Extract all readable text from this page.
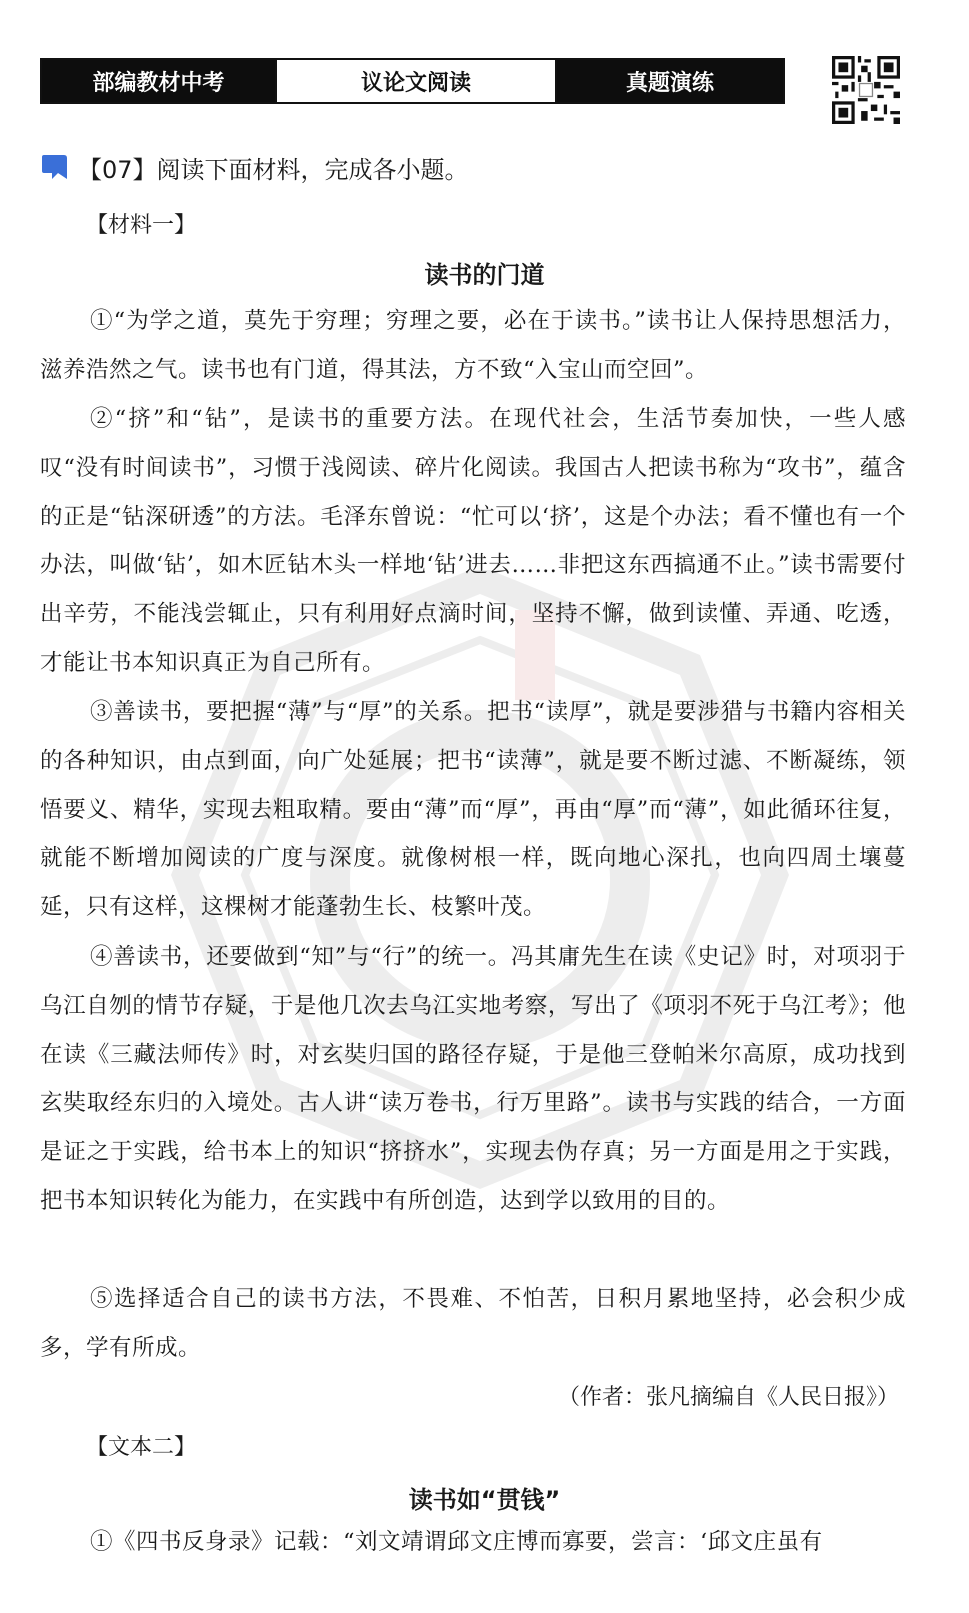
部编教材中考	议论文阅读	真题演练
【07】阅读下面材料，完成各小题。
【材料一】
读书的门道

①“为学之道，莫先于穷理；穷理之要，必在于读书。”读书让人保持思想活力，滋养浩然之气。读书也有门道，得其法，方不致“入宝山而空回”。

②“挤”和“钻”，是读书的重要方法。在现代社会，生活节奏加快，一些人感叹“没有时间读书”，习惯于浅阅读、碎片化阅读。我国古人把读书称为“攻书”，蕴含的正是“钻深研透”的方法。毛泽东曾说：“忙可以‘挤’，这是个办法；看不懂也有一个办法，叫做‘钻’，如木匠钻木头一样地‘钻’进去……非把这东西搞通不止。”读书需要付出辛劳，不能浅尝辄止，只有利用好点滴时间，坚持不懈，做到读懂、弄通、吃透，才能让书本知识真正为自己所有。

③善读书，要把握“薄”与“厚”的关系。把书“读厚”，就是要涉猎与书籍内容相关的各种知识，由点到面，向广处延展；把书“读薄”，就是要不断过滤、不断凝练，领悟要义、精华，实现去粗取精。要由“薄”而“厚”，再由“厚”而“薄”，如此循环往复，就能不断增加阅读的广度与深度。就像树根一样，既向地心深扎，也向四周土壤蔓延，只有这样，这棵树才能蓬勃生长、枝繁叶茂。

④善读书，还要做到“知”与“行”的统一。冯其庸先生在读《史记》时，对项羽于乌江自刎的情节存疑，于是他几次去乌江实地考察，写出了《项羽不死于乌江考》；他在读《三藏法师传》时，对玄奘归国的路径存疑，于是他三登帕米尔高原，成功找到玄奘取经东归的入境处。古人讲“读万卷书，行万里路”。读书与实践的结合，一方面是证之于实践，给书本上的知识“挤挤水”，实现去伪存真；另一方面是用之于实践，把书本知识转化为能力，在实践中有所创造，达到学以致用的目的。

⑤选择适合自己的读书方法，不畏难、不怕苦，日积月累地坚持，必会积少成多，学有所成。

（作者：张凡摘编自《人民日报》）
【文本二】
读书如“贯钱”

①《四书反身录》记载：“刘文靖谓邱文庄博而寡要，尝言：‘邱文庄虽有
